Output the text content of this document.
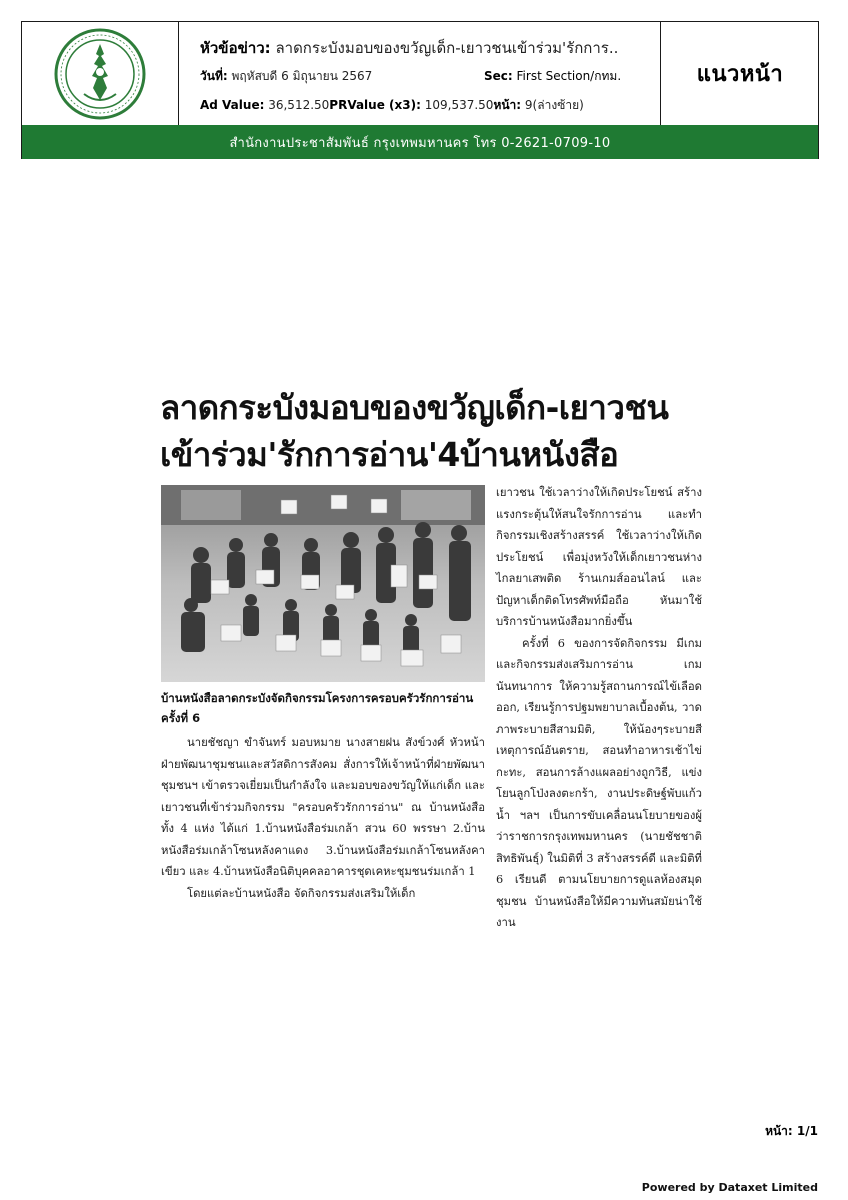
หัวข้อข่าว: ลาดกระบังมอบของขวัญเด็ก-เยาวชนเข้าร่วม'รักการ..
วันที่: พฤหัสบดี 6 มิถุนายน 2567	Sec: First Section/กทม.
Ad Value: 36,512.50PRValue (x3): 109,537.50หน้า: 9(ล่างซ้าย)
แนวหน้า
สำนักงานประชาสัมพันธ์ กรุงเทพมหานคร โทร 0-2621-0709-10
ลาดกระบังมอบของขวัญเด็ก-เยาวชน
เข้าร่วม'รักการอ่าน'4บ้านหนังสือ
บ้านหนังสือลาดกระบังจัดกิจกรรมโครงการครอบครัวรักการอ่าน ครั้งที่ 6

นายชัชญา ขำจันทร์ มอบหมาย นางสายฝน สังข์วงศ์ หัวหน้าฝ่ายพัฒนาชุมชนและสวัสดิการสังคม สั่งการให้เจ้าหน้าที่ฝ่ายพัฒนาชุมชนฯ เข้าตรวจเยี่ยมเป็นกำลังใจ และมอบของขวัญให้แก่เด็ก และเยาวชนที่เข้าร่วมกิจกรรม "ครอบครัวรักการอ่าน" ณ บ้านหนังสือทั้ง 4 แห่ง ได้แก่ 1.บ้านหนังสือร่มเกล้า สวน 60 พรรษา 2.บ้านหนังสือร่มเกล้าโซนหลังคาแดง 3.บ้านหนังสือร่มเกล้าโซนหลังคาเขียว และ 4.บ้านหนังสือนิติบุคคลอาคารชุดเคหะชุมชนร่มเกล้า 1

โดยแต่ละบ้านหนังสือ จัดกิจกรรมส่งเสริมให้เด็ก

เยาวชน ใช้เวลาว่างให้เกิดประโยชน์ สร้างแรงกระตุ้นให้สนใจรักการอ่าน และทำกิจกรรมเชิงสร้างสรรค์ ใช้เวลาว่างให้เกิดประโยชน์ เพื่อมุ่งหวังให้เด็กเยาวชนห่างไกลยาเสพติด ร้านเกมส์ออนไลน์ และปัญหาเด็กติดโทรศัพท์มือถือ หันมาใช้บริการบ้านหนังสือมากยิ่งขึ้น

ครั้งที่ 6 ของการจัดกิจกรรม มีเกมและกิจกรรมส่งเสริมการอ่าน เกมนันทนาการ ให้ความรู้สถานการณ์ไข้เลือดออก, เรียนรู้การปฐมพยาบาลเบื้องต้น, วาดภาพระบายสีสามมิติ, ให้น้องๆระบายสีเหตุการณ์อันตราย, สอนทำอาหารเช้าไข่กะทะ, สอนการล้างแผลอย่างถูกวิธี, แข่งโยนลูกโป่งลงตะกร้า, งานประดิษฐ์พับแก้วน้ำ ฯลฯ เป็นการขับเคลื่อนนโยบายของผู้ว่าราชการกรุงเทพมหานคร (นายชัชชาติ สิทธิพันธุ์) ในมิติที่ 3 สร้างสรรค์ดี และมิติที่ 6 เรียนดี ตามนโยบายการดูแลห้องสมุดชุมชน บ้านหนังสือให้มีความทันสมัยน่าใช้งาน

หน้า: 1/1
Powered by Dataxet Limited
